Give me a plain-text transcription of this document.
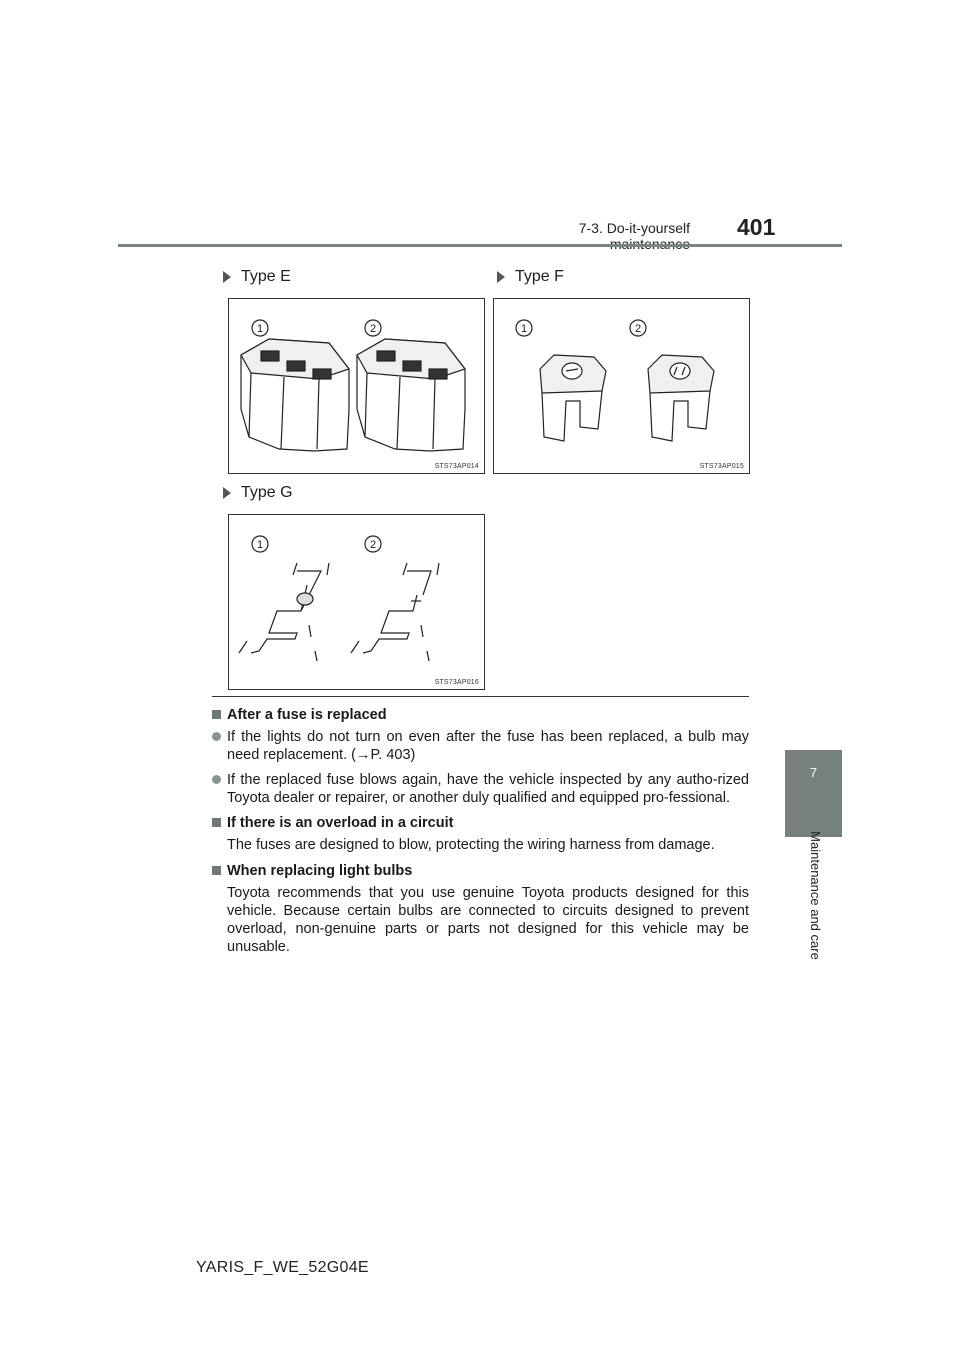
7-3. Do-it-yourself 401
7
Maintenance and care
Type E
1	2
STS73AP014
Type F
1	2
STS73AP015
Type G
1	2
STS73AP016
After a fuse is replaced
If the lights do not turn on even after the fuse has been replaced, a bulb may need replacement. (→P. 403)
If the replaced fuse blows again, have the vehicle inspected by any autho-rized Toyota dealer or repairer, or another duly qualified and equipped pro-fessional.
If there is an overload in a circuit
The fuses are designed to blow, protecting the wiring harness from damage.
When replacing light bulbs
Toyota recommends that you use genuine Toyota products designed for this vehicle. Because certain bulbs are connected to circuits designed to prevent overload, non-genuine parts or parts not designed for this vehicle may be unusable.
YARIS_F_WE_52G04E
